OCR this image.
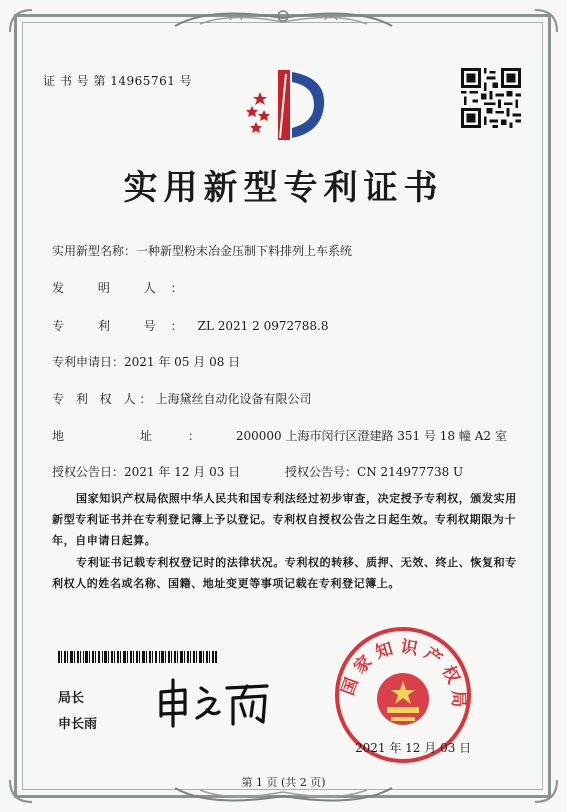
证 书 号 第 14965761 号
实用新型专利证书
实用新型名称：一种新型粉末冶金压制下料排列上车系统
发 明 人：
专 利 号：ZL 2021 2 0972788.8
专利申请日：2021 年 05 月 08 日
专 利 权 人：上海黛丝自动化设备有限公司
地 址：200000 上海市闵行区澄建路 351 号 18 幢 A2 室
授权公告日：2021 年 12 月 03 日	授权公告号：CN 214977738 U
国家知识产权局依照中华人民共和国专利法经过初步审查，决定授予专利权，颁发实用新型专利证书并在专利登记簿上予以登记。专利权自授权公告之日起生效。专利权期限为十年，自申请日起算。
专利证书记载专利权登记时的法律状况。专利权的转移、质押、无效、终止、恢复和专利权人的姓名或名称、国籍、地址变更等事项记载在专利登记簿上。
局长
申长雨
国家知识产权局
2021 年 12 月 03 日
第 1 页 (共 2 页)
